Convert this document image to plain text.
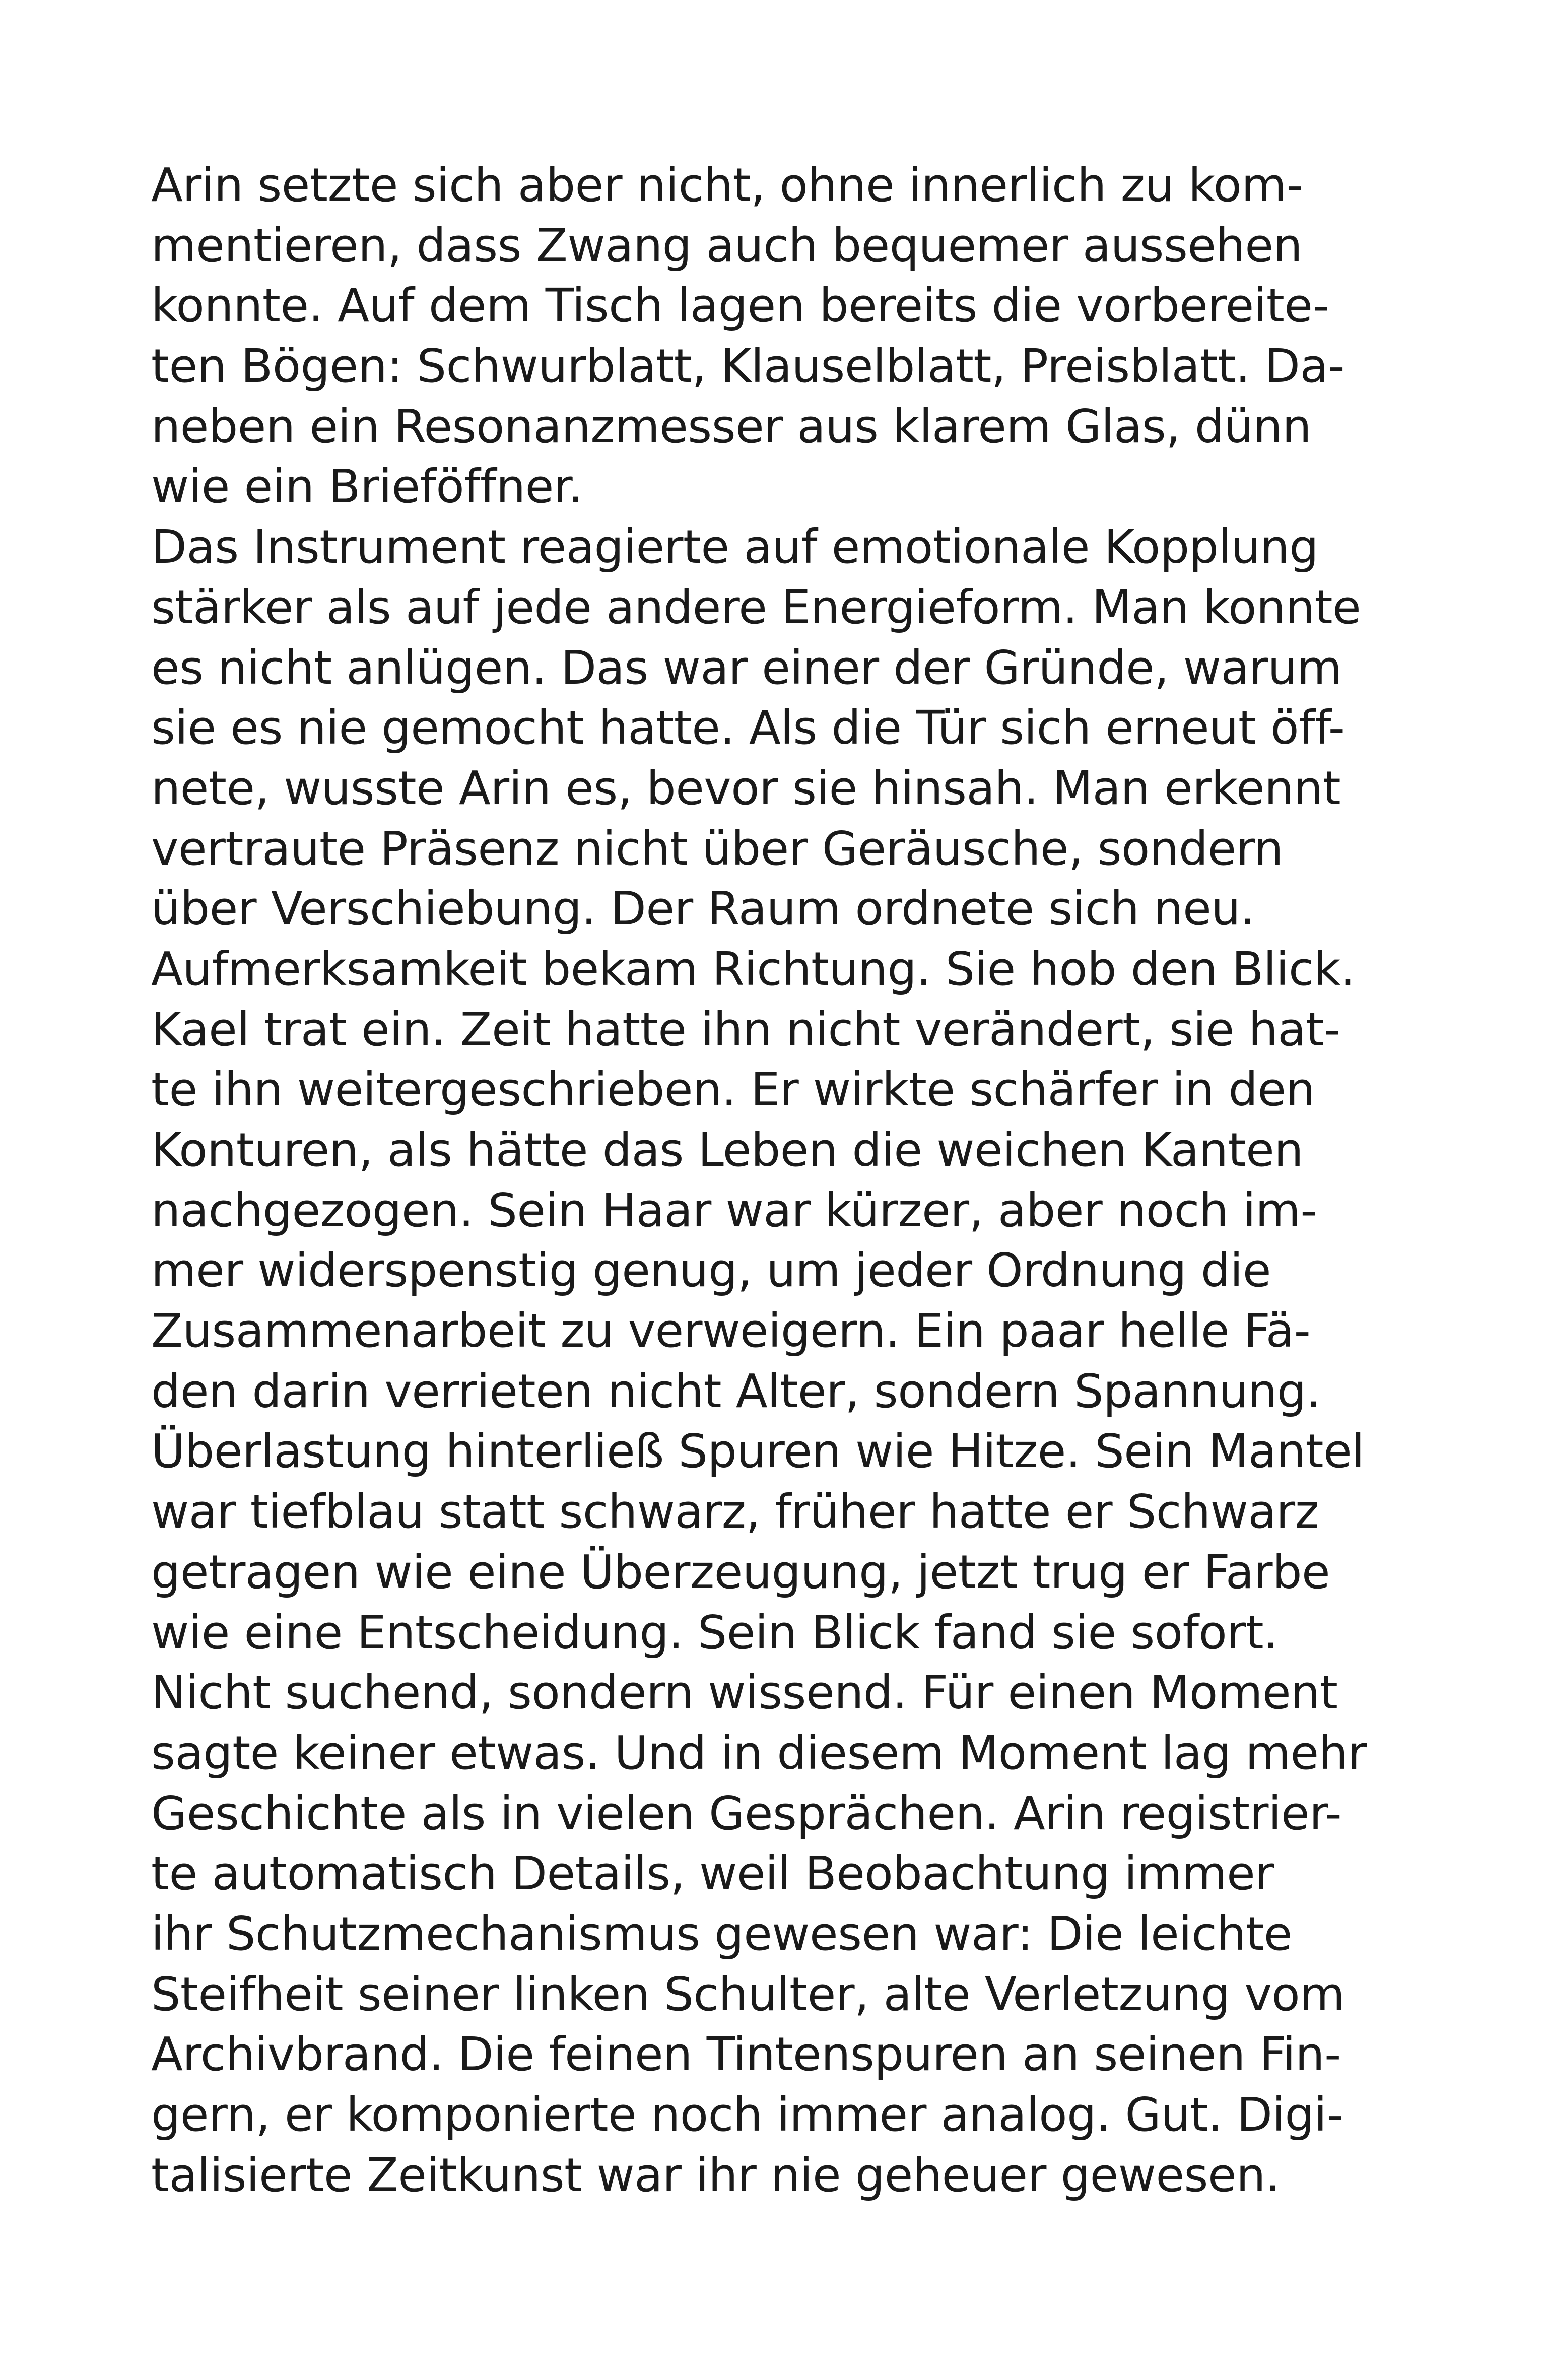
Arin setzte sich aber nicht, ohne innerlich zu kom-
mentieren, dass Zwang auch bequemer aussehen
konnte. Auf dem Tisch lagen bereits die vorbereite-
ten Bögen: Schwurblatt, Klauselblatt, Preisblatt. Da-
neben ein Resonanzmesser aus klarem Glas, dünn
wie ein Brieföffner.
Das Instrument reagierte auf emotionale Kopplung
stärker als auf jede andere Energieform. Man konnte
es nicht anlügen. Das war einer der Gründe, warum
sie es nie gemocht hatte. Als die Tür sich erneut öff-
nete, wusste Arin es, bevor sie hinsah. Man erkennt
vertraute Präsenz nicht über Geräusche, sondern
über Verschiebung. Der Raum ordnete sich neu.
Aufmerksamkeit bekam Richtung. Sie hob den Blick.
Kael trat ein. Zeit hatte ihn nicht verändert, sie hat-
te ihn weitergeschrieben. Er wirkte schärfer in den
Konturen, als hätte das Leben die weichen Kanten
nachgezogen. Sein Haar war kürzer, aber noch im-
mer widerspenstig genug, um jeder Ordnung die
Zusammenarbeit zu verweigern. Ein paar helle Fä-
den darin verrieten nicht Alter, sondern Spannung.
Überlastung hinterließ Spuren wie Hitze. Sein Mantel
war tiefblau statt schwarz, früher hatte er Schwarz
getragen wie eine Überzeugung, jetzt trug er Farbe
wie eine Entscheidung. Sein Blick fand sie sofort.
Nicht suchend, sondern wissend. Für einen Moment
sagte keiner etwas. Und in diesem Moment lag mehr
Geschichte als in vielen Gesprächen. Arin registrier-
te automatisch Details, weil Beobachtung immer
ihr Schutzmechanismus gewesen war: Die leichte
Steifheit seiner linken Schulter, alte Verletzung vom
Archivbrand. Die feinen Tintenspuren an seinen Fin-
gern, er komponierte noch immer analog. Gut. Digi-
talisierte Zeitkunst war ihr nie geheuer gewesen.
